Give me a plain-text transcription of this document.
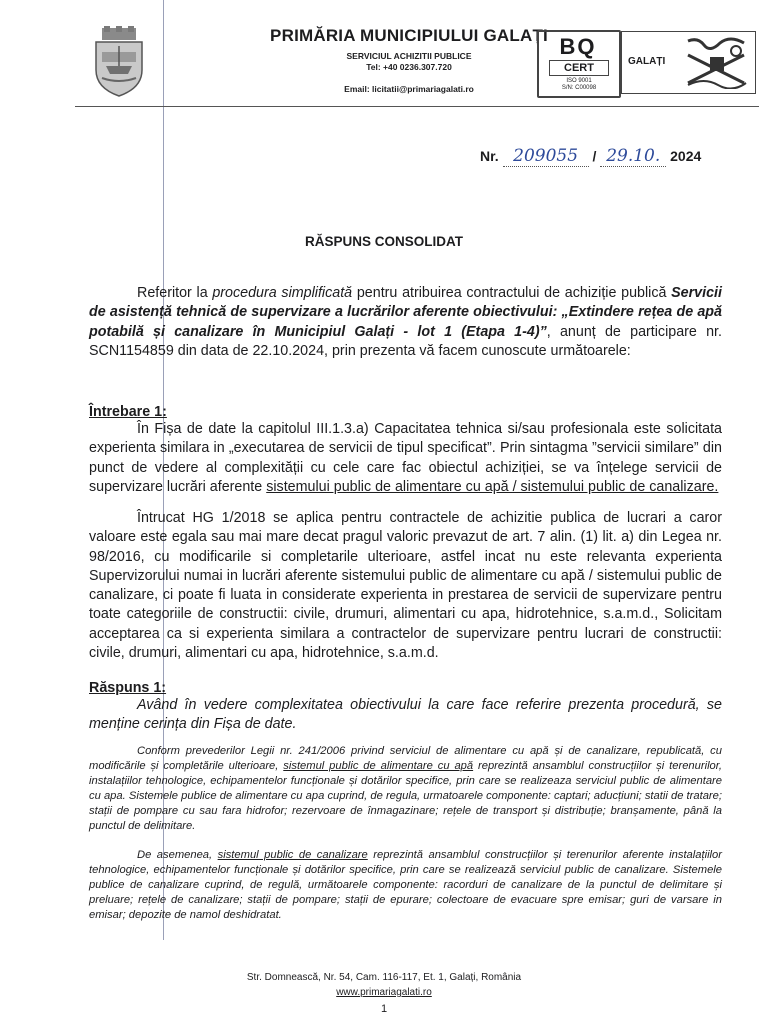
PRIMĂRIA MUNICIPIULUI GALAȚI
SERVICIUL ACHIZITII PUBLICE
Tel: +40 0236.307.720
Email: licitatii@primariagalati.ro
BQ
CERT
ISO 9001
S/N: C00098
GALAȚI
Nr. 209055 / 29.10. 2024
RĂSPUNS CONSOLIDAT
Referitor la procedura simplificată pentru atribuirea contractului de achiziție publică Servicii de asistență tehnică de supervizare a lucrărilor aferente obiectivului: „Extindere rețea de apă potabilă și canalizare în Municipiul Galați - lot 1 (Etapa 1-4)”, anunț de participare nr. SCN1154859 din data de 22.10.2024, prin prezenta vă facem cunoscute următoarele:
Întrebare 1:
În Fișa de date la capitolul III.1.3.a) Capacitatea tehnica si/sau profesionala este solicitata experienta similara in „executarea de servicii de tipul specificat”. Prin sintagma ”servicii similare” din punct de vedere al complexității cu cele care fac obiectul achiziției, se va înțelege servicii de supervizare lucrări aferente sistemului public de alimentare cu apă / sistemului public de canalizare.
Întrucat HG 1/2018 se aplica pentru contractele de achizitie publica de lucrari a caror valoare este egala sau mai mare decat pragul valoric prevazut de art. 7 alin. (1) lit. a) din Legea nr. 98/2016, cu modificarile si completarile ulterioare, astfel incat nu este relevanta experienta Supervizorului numai in lucrări aferente sistemului public de alimentare cu apă / sistemului public de canalizare, ci poate fi luata in considerate experienta in prestarea de servicii de supervizare pentru toate categoriile de constructii: civile, drumuri, alimentari cu apa, hidrotehnice, s.a.m.d., Solicitam acceptarea ca si experienta similara a contractelor de supervizare pentru lucrari de constructii: civile, drumuri, alimentari cu apa, hidrotehnice, s.a.m.d.
Răspuns 1:
Având în vedere complexitatea obiectivului la care face referire prezenta procedură, se menține cerința din Fișa de date.
Conform prevederilor Legii nr. 241/2006 privind serviciul de alimentare cu apă și de canalizare, republicată, cu modificările și completările ulterioare, sistemul public de alimentare cu apă reprezintă ansamblul construcțiilor și terenurilor, instalațiilor tehnologice, echipamentelor funcționale și dotărilor specifice, prin care se realizeaza serviciul public de alimentare cu apa. Sistemele publice de alimentare cu apa cuprind, de regula, urmatoarele componente: captari; aducțiuni; statii de tratare; stații de pompare cu sau fara hidrofor; rezervoare de înmagazinare; rețele de transport și distribuție; branșamente, până la punctul de delimitare.
De asemenea, sistemul public de canalizare reprezintă ansamblul construcțiilor și terenurilor aferente instalațiilor tehnologice, echipamentelor funcționale și dotărilor specifice, prin care se realizează serviciul public de canalizare. Sistemele publice de canalizare cuprind, de regulă, următoarele componente: racorduri de canalizare de la punctul de delimitare și preluare; rețele de canalizare; stații de pompare; stații de epurare; colectoare de evacuare spre emisar; guri de varsare in emisar; depozite de namol deshidratat.
Str. Domnească, Nr. 54, Cam. 116-117, Et. 1, Galați, România
www.primariagalati.ro
1
